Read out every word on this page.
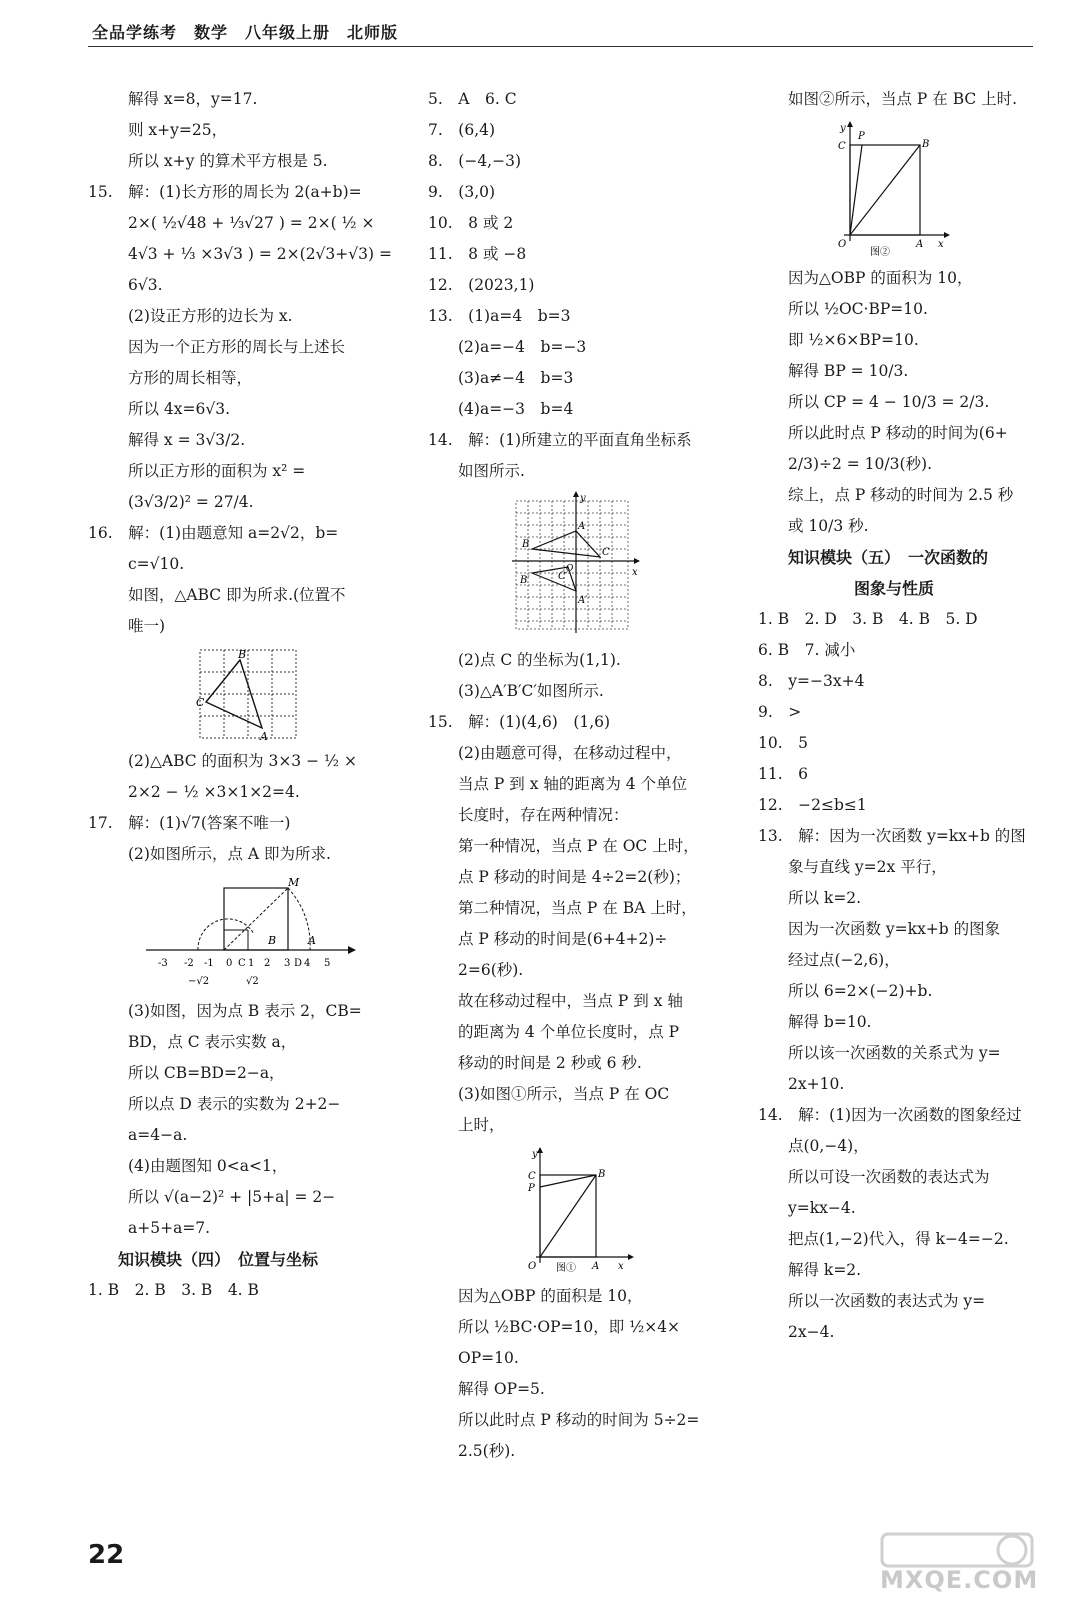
全品学练考　数学　八年级上册　北师版
解得 x=8，y=17.
则 x+y=25，
所以 x+y 的算术平方根是 5.
15.　解：(1)长方形的周长为 2(a+b)=
2×( ½√48 + ⅓√27 ) = 2×( ½ ×
4√3 + ⅓ ×3√3 ) = 2×(2√3+√3) =
6√3.
(2)设正方形的边长为 x.
因为一个正方形的周长与上述长
方形的周长相等，
所以 4x=6√3.
解得 x = 3√3/2.
所以正方形的面积为 x² =
(3√3/2)² = 27/4.
16.　解：(1)由题意知 a=2√2，b=
c=√10.
如图，△ABC 即为所求.(位置不
唯一)
C
B
A
(2)△ABC 的面积为 3×3 − ½ ×
2×2 − ½ ×3×1×2=4.
17.　解：(1)√7(答案不唯一)
(2)如图所示，点 A 即为所求.
M
A
B
-3 -2 -1 0 C 1 2 3 D 4 5
−√2	√2
(3)如图，因为点 B 表示 2，CB=
BD，点 C 表示实数 a，
所以 CB=BD=2−a，
所以点 D 表示的实数为 2+2−
a=4−a.
(4)由题图知 0<a<1，
所以 √(a−2)² + |5+a| = 2−
a+5+a=7.
知识模块（四）　位置与坐标
1. B　2. B　3. B　4. B
5.　A　6. C
7.　(6,4)
8.　(−4,−3)
9.　(3,0)
10.　8 或 2
11.　8 或 −8
12.　(2023,1)
13.　(1)a=4　b=3
(2)a=−4　b=−3
(3)a≠−4　b=3
(4)a=−3　b=4
14.　解：(1)所建立的平面直角坐标系
如图所示.
y
x
O
A
B
C
A′
B′	C′
(2)点 C 的坐标为(1,1).
(3)△A′B′C′如图所示.
15.　解：(1)(4,6)　(1,6)
(2)由题意可得，在移动过程中，
当点 P 到 x 轴的距离为 4 个单位
长度时，存在两种情况：
第一种情况，当点 P 在 OC 上时，
点 P 移动的时间是 4÷2=2(秒)；
第二种情况，当点 P 在 BA 上时，
点 P 移动的时间是(6+4+2)÷
2=6(秒).
故在移动过程中，当点 P 到 x 轴
的距离为 4 个单位长度时，点 P
移动的时间是 2 秒或 6 秒.
(3)如图①所示，当点 P 在 OC
上时，
y
C
P
B
O	A x
图①
因为△OBP 的面积是 10，
所以 ½BC·OP=10，即 ½×4×
OP=10.
解得 OP=5.
所以此时点 P 移动的时间为 5÷2=
2.5(秒).
如图②所示，当点 P 在 BC 上时.
y
C
P
B
O	A x
图②
因为△OBP 的面积为 10，
所以 ½OC·BP=10.
即 ½×6×BP=10.
解得 BP = 10/3.
所以 CP = 4 − 10/3 = 2/3.
所以此时点 P 移动的时间为(6+
2/3)÷2 = 10/3(秒).
综上，点 P 移动的时间为 2.5 秒
或 10/3 秒.
知识模块（五）　一次函数的
图象与性质
1. B　2. D　3. B　4. B　5. D
6. B　7. 减小
8.　y=−3x+4
9.　>
10.　5
11.　6
12.　−2≤b≤1
13.　解：因为一次函数 y=kx+b 的图
象与直线 y=2x 平行，
所以 k=2.
因为一次函数 y=kx+b 的图象
经过点(−2,6)，
所以 6=2×(−2)+b.
解得 b=10.
所以该一次函数的关系式为 y=
2x+10.
14.　解：(1)因为一次函数的图象经过
点(0,−4)，
所以可设一次函数的表达式为
y=kx−4.
把点(1,−2)代入，得 k−4=−2.
解得 k=2.
所以一次函数的表达式为 y=
2x−4.
22
MXQE.COM
